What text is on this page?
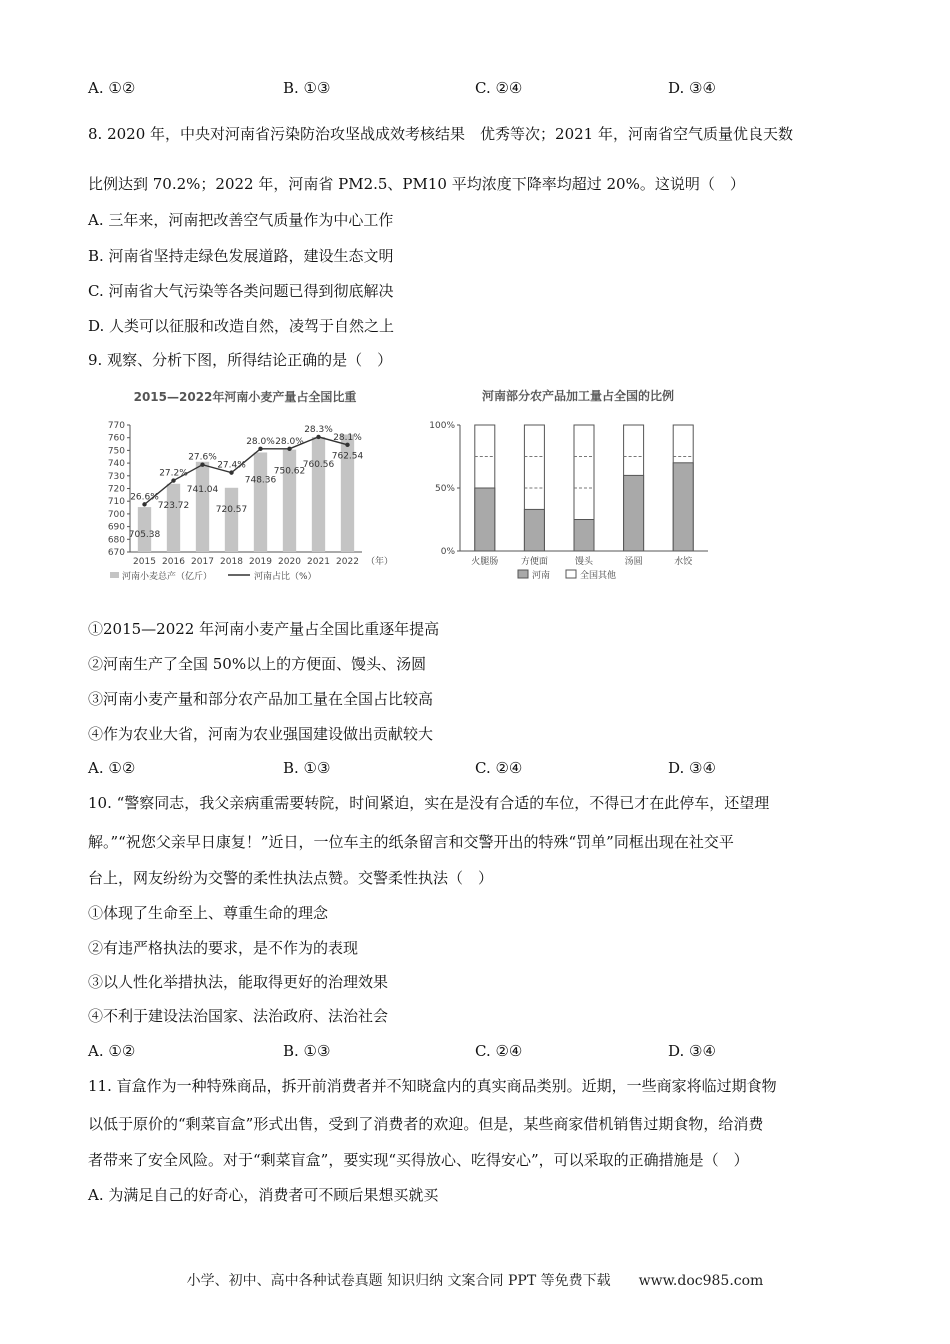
A. ①②	B. ①③	C. ②④	D. ③④
8. 2020 年，中央对河南省污染防治攻坚战成效考核结果　优秀等次；2021 年，河南省空气质量优良天数
比例达到 70.2%；2022 年，河南省 PM2.5、PM10 平均浓度下降率均超过 20%。这说明（　）
A. 三年来，河南把改善空气质量作为中心工作
B. 河南省坚持走绿色发展道路，建设生态文明
C. 河南省大气污染等各类问题已得到彻底解决
D. 人类可以征服和改造自然，凌驾于自然之上
9. 观察、分析下图，所得结论正确的是（　）
2015—2022年河南小麦产量占全国比重
670
680
690
700
710
720
730
740
750
760
770
2015 2016 2017 2018 2019 2020 2021 2022 （年）
705.38
723.72
741.04
720.57
748.36
750.62
760.56
762.54
26.6%
27.2%
27.6%
27.4%
28.0% 28.0%
28.3%
28.1%
河南小麦总产（亿斤）	河南占比（%）
河南部分农产品加工量占全国的比例
0%
50%
100%
火腿肠	方便面	馒头	汤圆	水饺
河南	全国其他
①2015—2022 年河南小麦产量占全国比重逐年提高
②河南生产了全国 50%以上的方便面、馒头、汤圆
③河南小麦产量和部分农产品加工量在全国占比较高
④作为农业大省，河南为农业强国建设做出贡献较大
A. ①②	B. ①③	C. ②④	D. ③④
10. “警察同志，我父亲病重需要转院，时间紧迫，实在是没有合适的车位，不得已才在此停车，还望理
解。”“祝您父亲早日康复！”近日，一位车主的纸条留言和交警开出的特殊“罚单”同框出现在社交平
台上，网友纷纷为交警的柔性执法点赞。交警柔性执法（　）
①体现了生命至上、尊重生命的理念
②有违严格执法的要求，是不作为的表现
③以人性化举措执法，能取得更好的治理效果
④不利于建设法治国家、法治政府、法治社会
A. ①②	B. ①③	C. ②④	D. ③④
11. 盲盒作为一种特殊商品，拆开前消费者并不知晓盒内的真实商品类别。近期，一些商家将临过期食物
以低于原价的“剩菜盲盒”形式出售，受到了消费者的欢迎。但是，某些商家借机销售过期食物，给消费
者带来了安全风险。对于“剩菜盲盒”，要实现“买得放心、吃得安心”，可以采取的正确措施是（　）
A. 为满足自己的好奇心，消费者可不顾后果想买就买
小学、初中、高中各种试卷真题 知识归纳 文案合同 PPT 等免费下载 www.doc985.com
